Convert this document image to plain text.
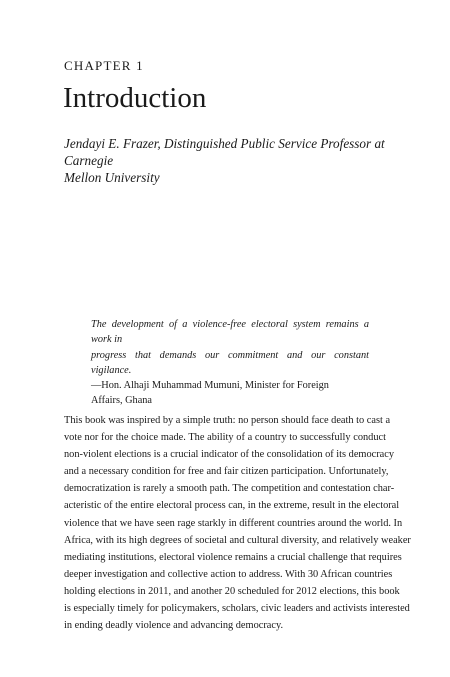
CHAPTER 1

Introduction
Jendayi E. Frazer, Distinguished Public Service Professor at Carnegie
Mellon University
The development of a violence-free electoral system remains a work in
progress that demands our commitment and our constant vigilance.
—Hon. Alhaji Muhammad Mumuni, Minister for Foreign
Affairs, Ghana
This book was inspired by a simple truth: no person should face death to cast a
vote nor for the choice made. The ability of a country to successfully conduct
non-violent elections is a crucial indicator of the consolidation of its democracy
and a necessary condition for free and fair citizen participation. Unfortunately,
democratization is rarely a smooth path. The competition and contestation char-
acteristic of the entire electoral process can, in the extreme, result in the electoral
violence that we have seen rage starkly in different countries around the world. In
Africa, with its high degrees of societal and cultural diversity, and relatively weaker
mediating institutions, electoral violence remains a crucial challenge that requires
deeper investigation and collective action to address. With 30 African countries
holding elections in 2011, and another 20 scheduled for 2012 elections, this book
is especially timely for policymakers, scholars, civic leaders and activists interested
in ending deadly violence and advancing democracy.
